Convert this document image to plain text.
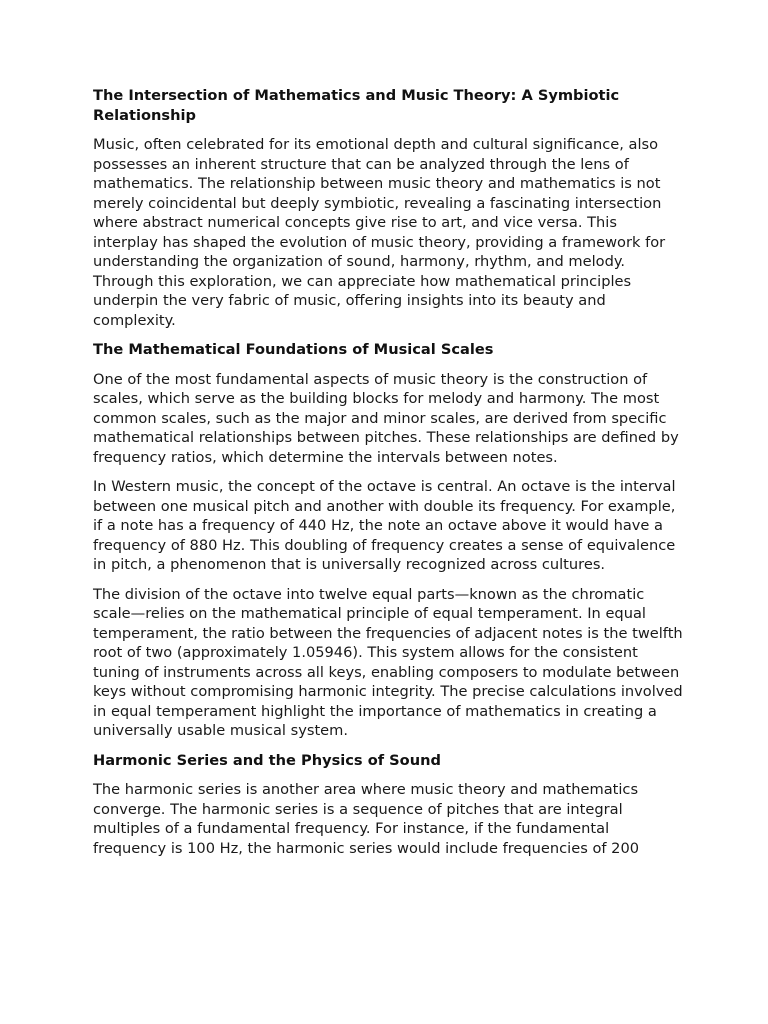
The Intersection of Mathematics and Music Theory: A Symbiotic Relationship

Music, often celebrated for its emotional depth and cultural significance, also possesses an inherent structure that can be analyzed through the lens of mathematics. The relationship between music theory and mathematics is not merely coincidental but deeply symbiotic, revealing a fascinating intersection where abstract numerical concepts give rise to art, and vice versa. This interplay has shaped the evolution of music theory, providing a framework for understanding the organization of sound, harmony, rhythm, and melody. Through this exploration, we can appreciate how mathematical principles underpin the very fabric of music, offering insights into its beauty and complexity.

The Mathematical Foundations of Musical Scales

One of the most fundamental aspects of music theory is the construction of scales, which serve as the building blocks for melody and harmony. The most common scales, such as the major and minor scales, are derived from specific mathematical relationships between pitches. These relationships are defined by frequency ratios, which determine the intervals between notes.

In Western music, the concept of the octave is central. An octave is the interval between one musical pitch and another with double its frequency. For example, if a note has a frequency of 440 Hz, the note an octave above it would have a frequency of 880 Hz. This doubling of frequency creates a sense of equivalence in pitch, a phenomenon that is universally recognized across cultures.

The division of the octave into twelve equal parts—known as the chromatic scale—relies on the mathematical principle of equal temperament. In equal temperament, the ratio between the frequencies of adjacent notes is the twelfth root of two (approximately 1.05946). This system allows for the consistent tuning of instruments across all keys, enabling composers to modulate between keys without compromising harmonic integrity. The precise calculations involved in equal temperament highlight the importance of mathematics in creating a universally usable musical system.

Harmonic Series and the Physics of Sound

The harmonic series is another area where music theory and mathematics converge. The harmonic series is a sequence of pitches that are integral multiples of a fundamental frequency. For instance, if the fundamental frequency is 100 Hz, the harmonic series would include frequencies of 200
